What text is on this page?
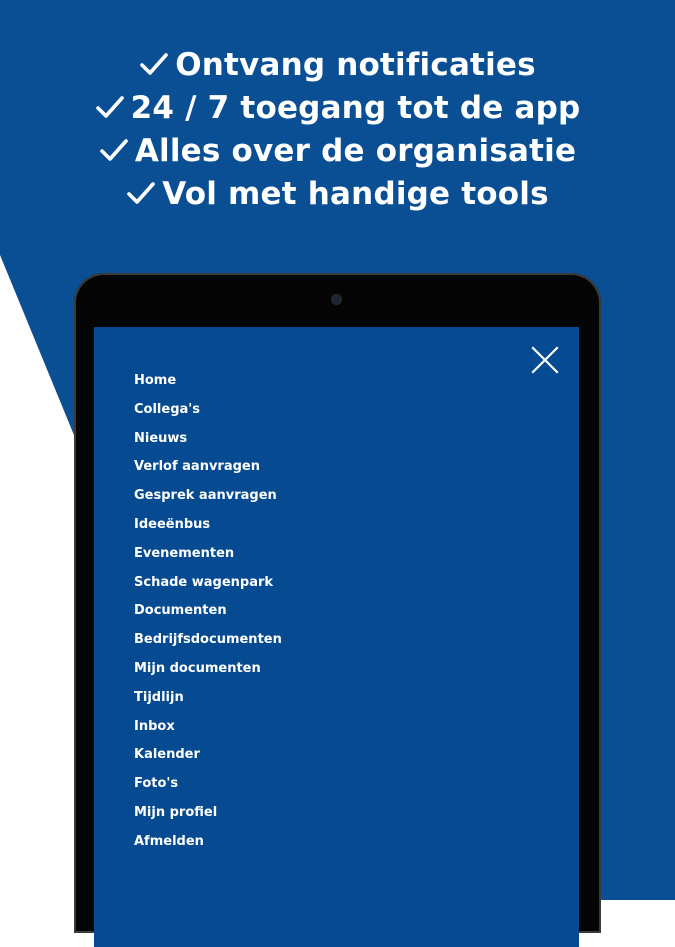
Ontvang notificaties
24 / 7 toegang tot de app
Alles over de organisatie
Vol met handige tools
Home
Collega's
Nieuws
Verlof aanvragen
Gesprek aanvragen
Ideeënbus
Evenementen
Schade wagenpark
Documenten
Bedrijfsdocumenten
Mijn documenten
Tijdlijn
Inbox
Kalender
Foto's
Mijn profiel
Afmelden
